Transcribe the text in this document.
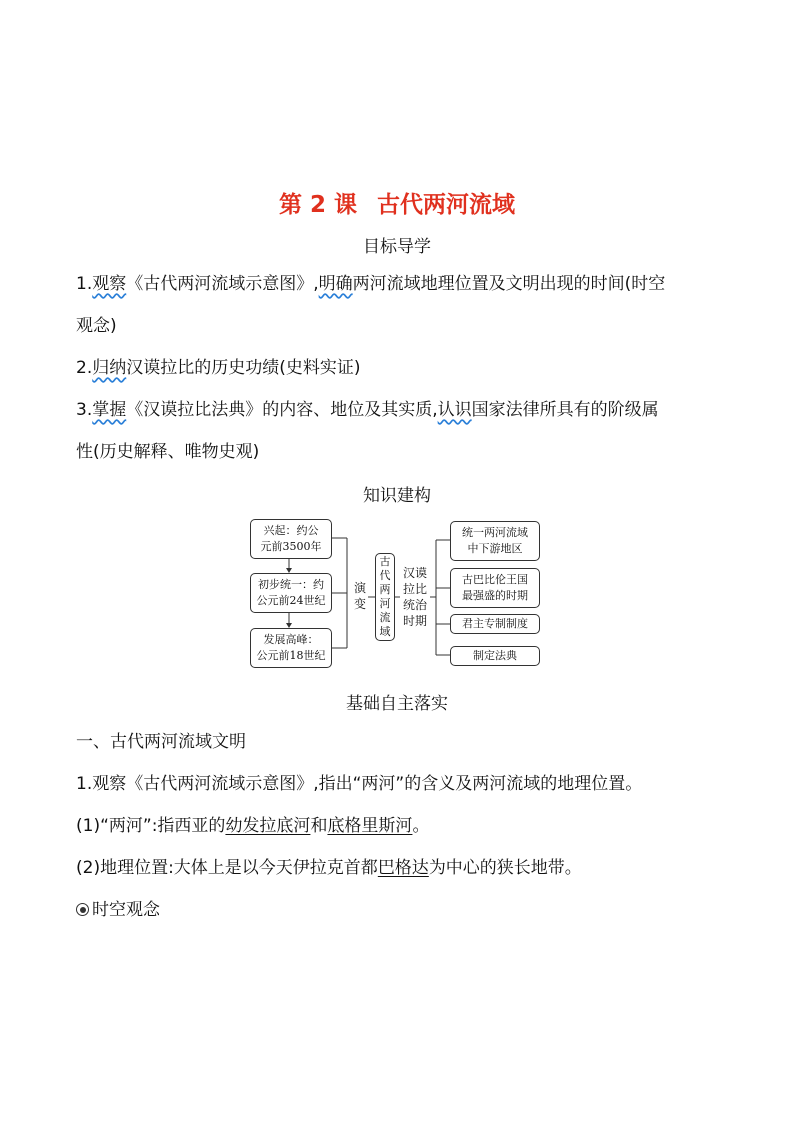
第 2 课 古代两河流域
目标导学
1.观察《古代两河流域示意图》,明确两河流域地理位置及文明出现的时间(时空
观念)
2.归纳汉谟拉比的历史功绩(史料实证)
3.掌握《汉谟拉比法典》的内容、地位及其实质,认识国家法律所具有的阶级属
性(历史解释、唯物史观)
知识建构
兴起：约公
元前3500年
初步统一：约
公元前24世纪
发展高峰：
公元前18世纪
演
变
古
代
两
河
流
域
汉谟
拉比
统治
时期
统一两河流域
中下游地区
古巴比伦王国
最强盛的时期
君主专制制度
制定法典
基础自主落实
一、古代两河流域文明
1.观察《古代两河流域示意图》,指出“两河”的含义及两河流域的地理位置。
(1)“两河”:指西亚的幼发拉底河和底格里斯河。
(2)地理位置:大体上是以今天伊拉克首都巴格达为中心的狭长地带。
时空观念
